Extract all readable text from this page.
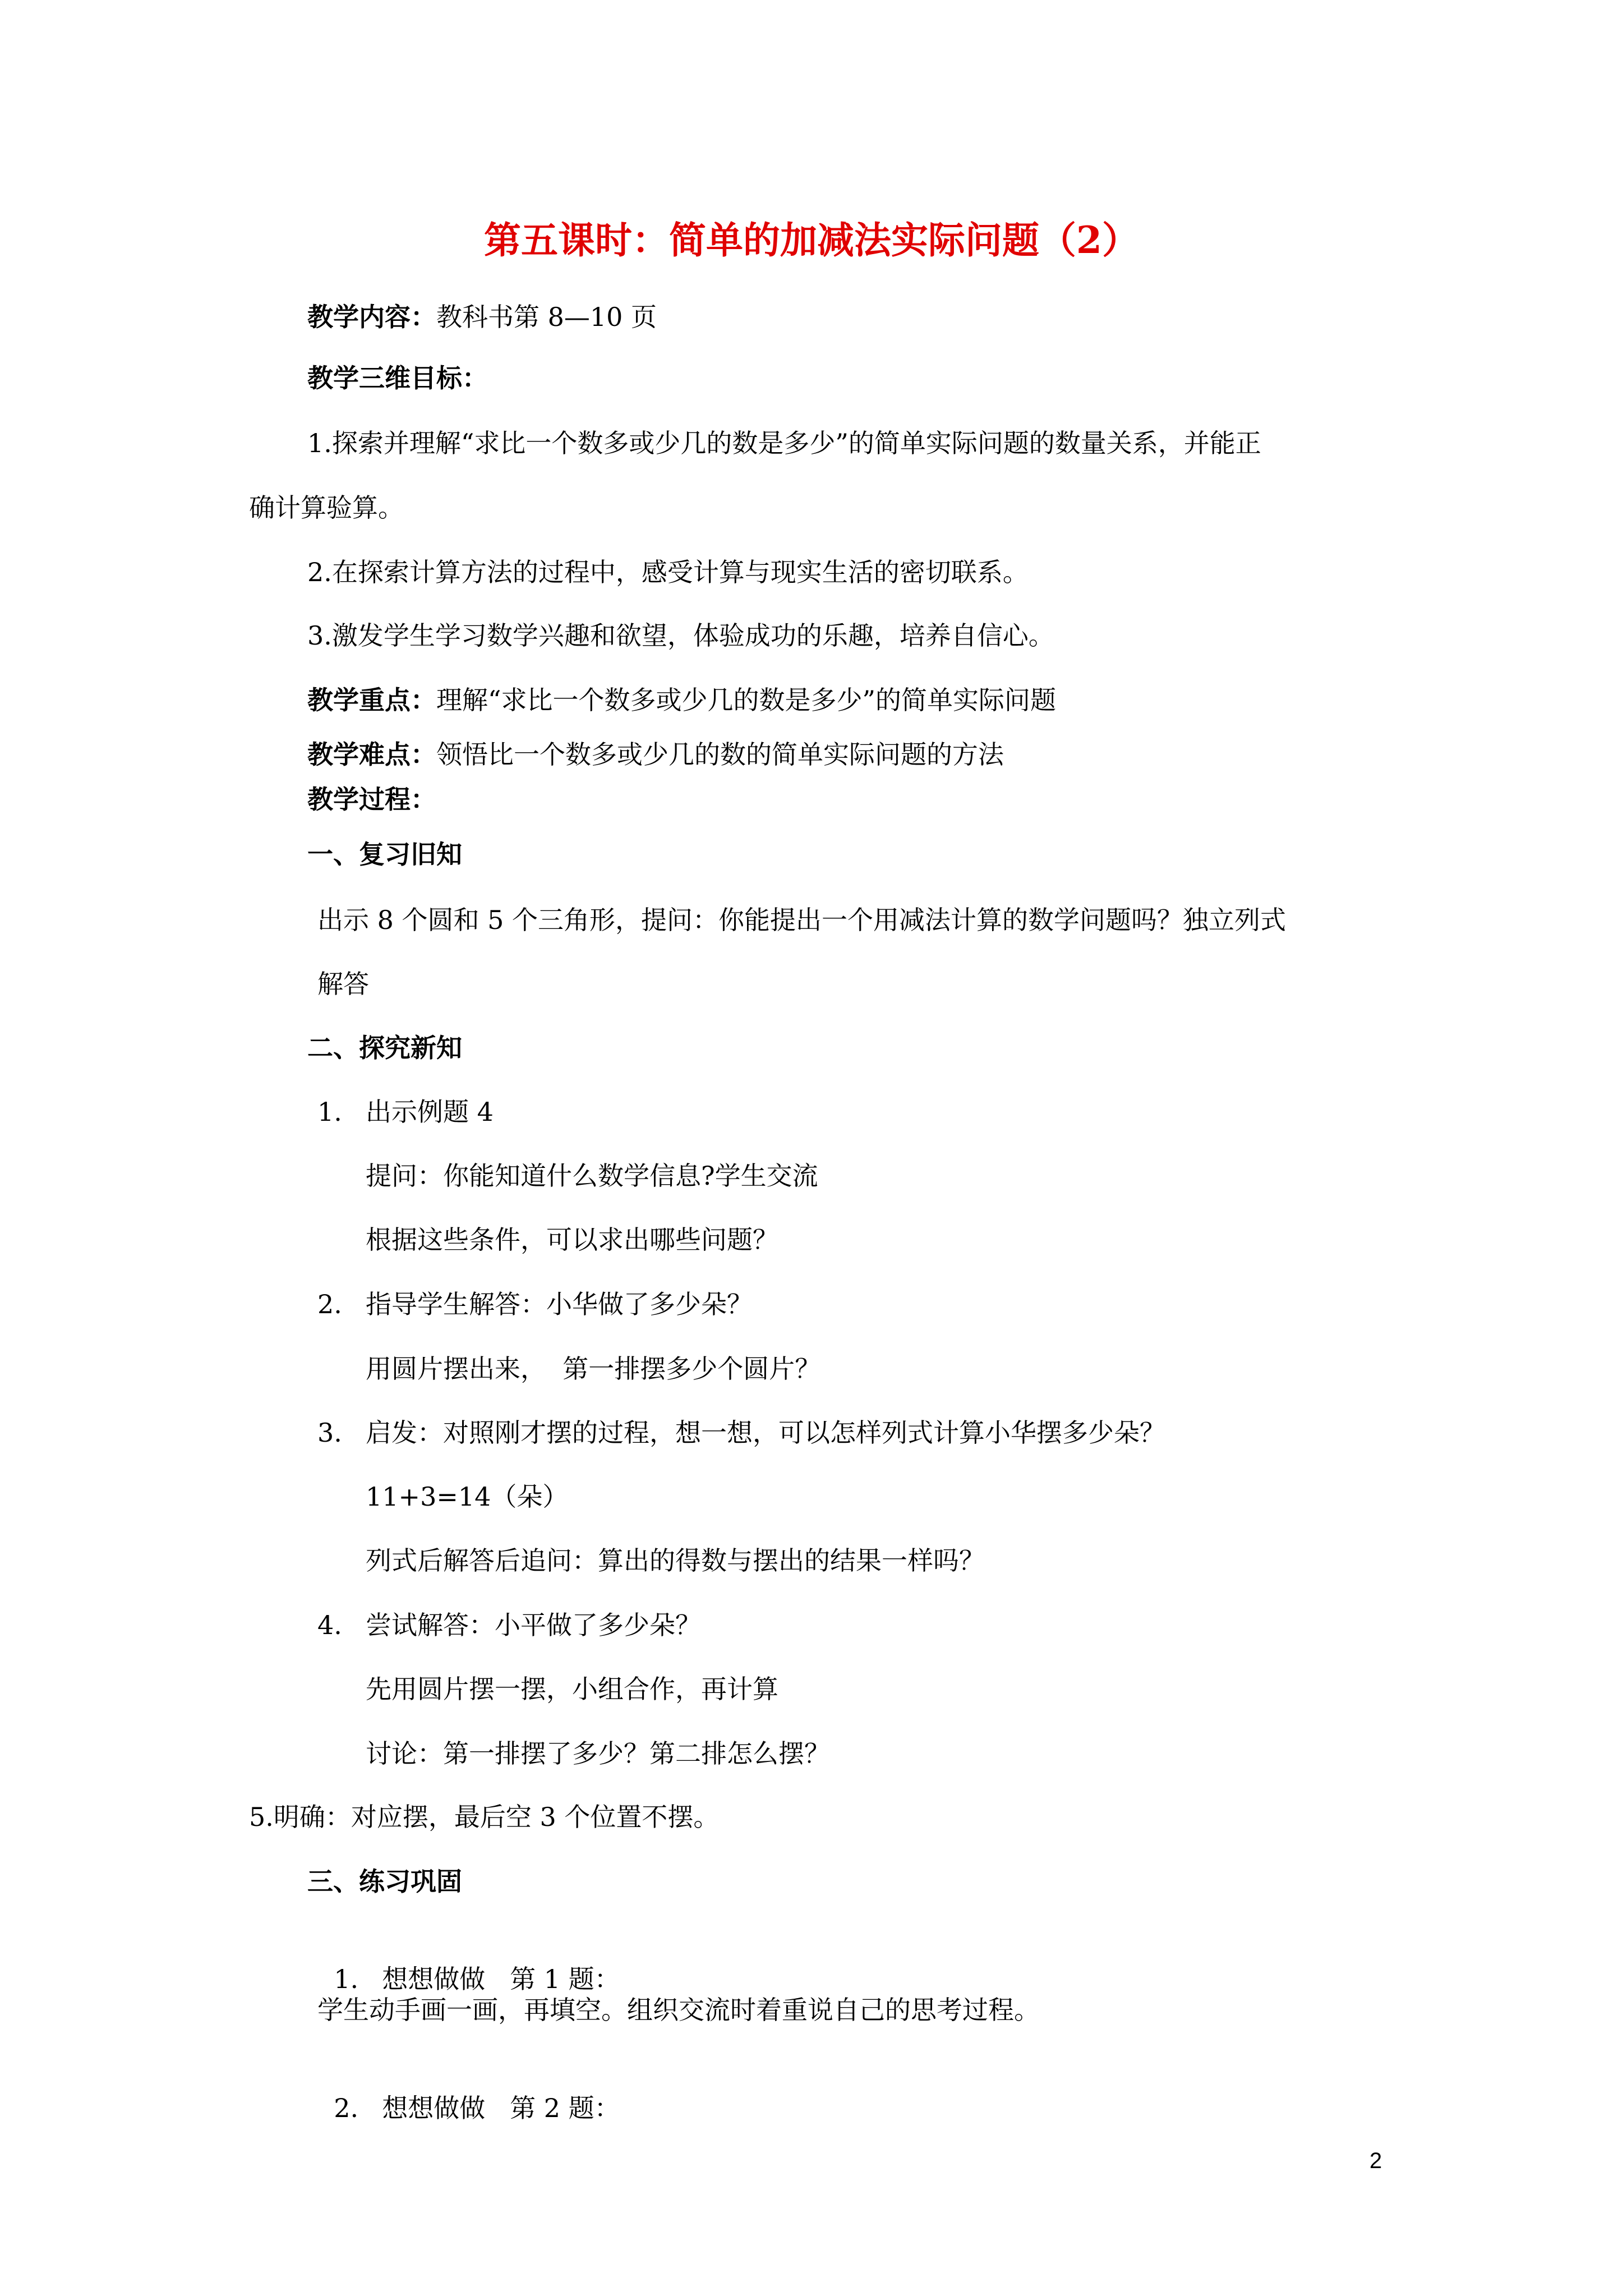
第五课时：简单的加减法实际问题（2）
教学内容：教科书第 8—10 页
教学三维目标：
1.探索并理解“求比一个数多或少几的数是多少”的简单实际问题的数量关系，并能正
确计算验算。
2.在探索计算方法的过程中，感受计算与现实生活的密切联系。
3.激发学生学习数学兴趣和欲望，体验成功的乐趣，培养自信心。
教学重点：理解“求比一个数多或少几的数是多少”的简单实际问题
教学难点：领悟比一个数多或少几的数的简单实际问题的方法
教学过程：
一、复习旧知
出示 8 个圆和 5 个三角形，提问：你能提出一个用减法计算的数学问题吗？独立列式
解答
二、探究新知
1. 出示例题 4
提问：你能知道什么数学信息?学生交流
根据这些条件，可以求出哪些问题？
2. 指导学生解答：小华做了多少朵？
用圆片摆出来，  第一排摆多少个圆片？
3. 启发：对照刚才摆的过程，想一想，可以怎样列式计算小华摆多少朵？
11+3=14（朵）
列式后解答后追问：算出的得数与摆出的结果一样吗？
4. 尝试解答：小平做了多少朵？
先用圆片摆一摆，小组合作，再计算
讨论：第一排摆了多少？第二排怎么摆？
5.明确：对应摆，最后空 3 个位置不摆。
三、练习巩固

1. 想想做做   第 1 题：

学生动手画一画，再填空。组织交流时着重说自己的思考过程。

2. 想想做做   第 2 题：

2
